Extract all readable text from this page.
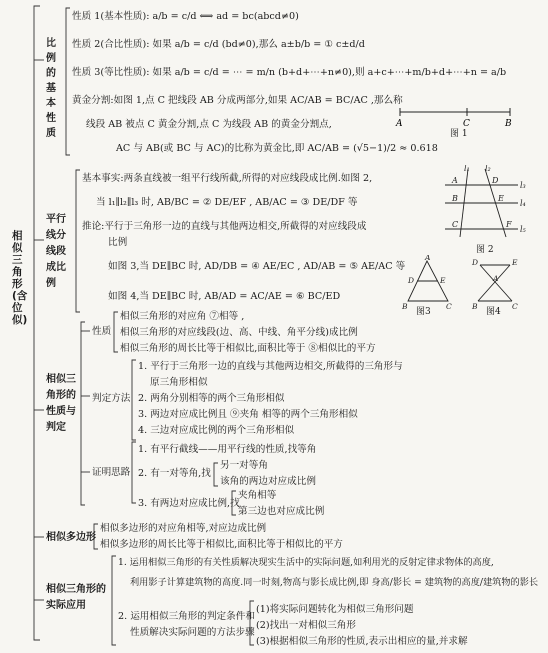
相似三角形(含位似)
比例的基本性质
性质 1(基本性质): a/b = c/d ⟺ ad = bc(abcd≠0)
性质 2(合比性质): 如果 a/b = c/d (bd≠0),那么 a±b/b = ① c±d/d
性质 3(等比性质): 如果 a/b = c/d = ⋯ = m/n (b+d+⋯+n≠0),则 a+c+⋯+m/b+d+⋯+n = a/b
黄金分割:如图 1,点 C 把线段 AB 分成两部分,如果 AC/AB = BC/AC ,那么称
线段 AB 被点 C 黄金分割,点 C 为线段 AB 的黄金分割点,
AC 与 AB(或 BC 与 AC)的比称为黄金比,即 AC/AB = (√5−1)/2 ≈ 0.618
A	C	B
图 1
平行线分线段成比例
基本事实:两条直线被一组平行线所截,所得的对应线段成比例.如图 2,
当 l₁∥l₂∥l₃ 时, AB/BC = ② DE/EF , AB/AC = ③ DE/DF 等
推论:平行于三角形一边的直线与其他两边相交,所截得的对应线段成
比例
如图 3,当 DE∥BC 时, AD/DB = ④ AE/EC , AD/AB = ⑤ AE/AC 等
如图 4,当 DE∥BC 时, AB/AD = AC/AE = ⑥ BC/ED
l₁ l₂
l₃
l₄
l₅
A
B
C
D
E
F
图 2
A
D	E
B	C
图3
D	E
A
B	C
图4
相似三角形的性质与判定
性质
相似三角形的对应角 ⑦相等 ,
相似三角形的对应线段(边、高、中线、角平分线)成比例
相似三角形的周长比等于相似比,面积比等于 ⑧相似比的平方
判定方法
1. 平行于三角形一边的直线与其他两边相交,所截得的三角形与
原三角形相似
2. 两角分别相等的两个三角形相似
3. 两边对应成比例且 ⑨夹角 相等的两个三角形相似
4. 三边对应成比例的两个三角形相似
证明思路
1. 有平行截线——用平行线的性质,找等角
2. 有一对等角,找
另一对等角
该角的两边对应成比例
3. 有两边对应成比例,找
夹角相等
第三边也对应成比例
相似多边形
相似多边形的对应角相等,对应边成比例
相似多边形的周长比等于相似比,面积比等于相似比的平方
相似三角形的实际应用
1. 运用相似三角形的有关性质解决现实生活中的实际问题,如利用光的反射定律求物体的高度,
利用影子计算建筑物的高度.同一时刻,物高与影长成比例,即 身高/影长 = 建筑物的高度/建筑物的影长
2. 运用相似三角形的判定条件和
性质解决实际问题的方法步骤
(1)将实际问题转化为相似三角形问题
(2)找出一对相似三角形
(3)根据相似三角形的性质,表示出相应的量,并求解
